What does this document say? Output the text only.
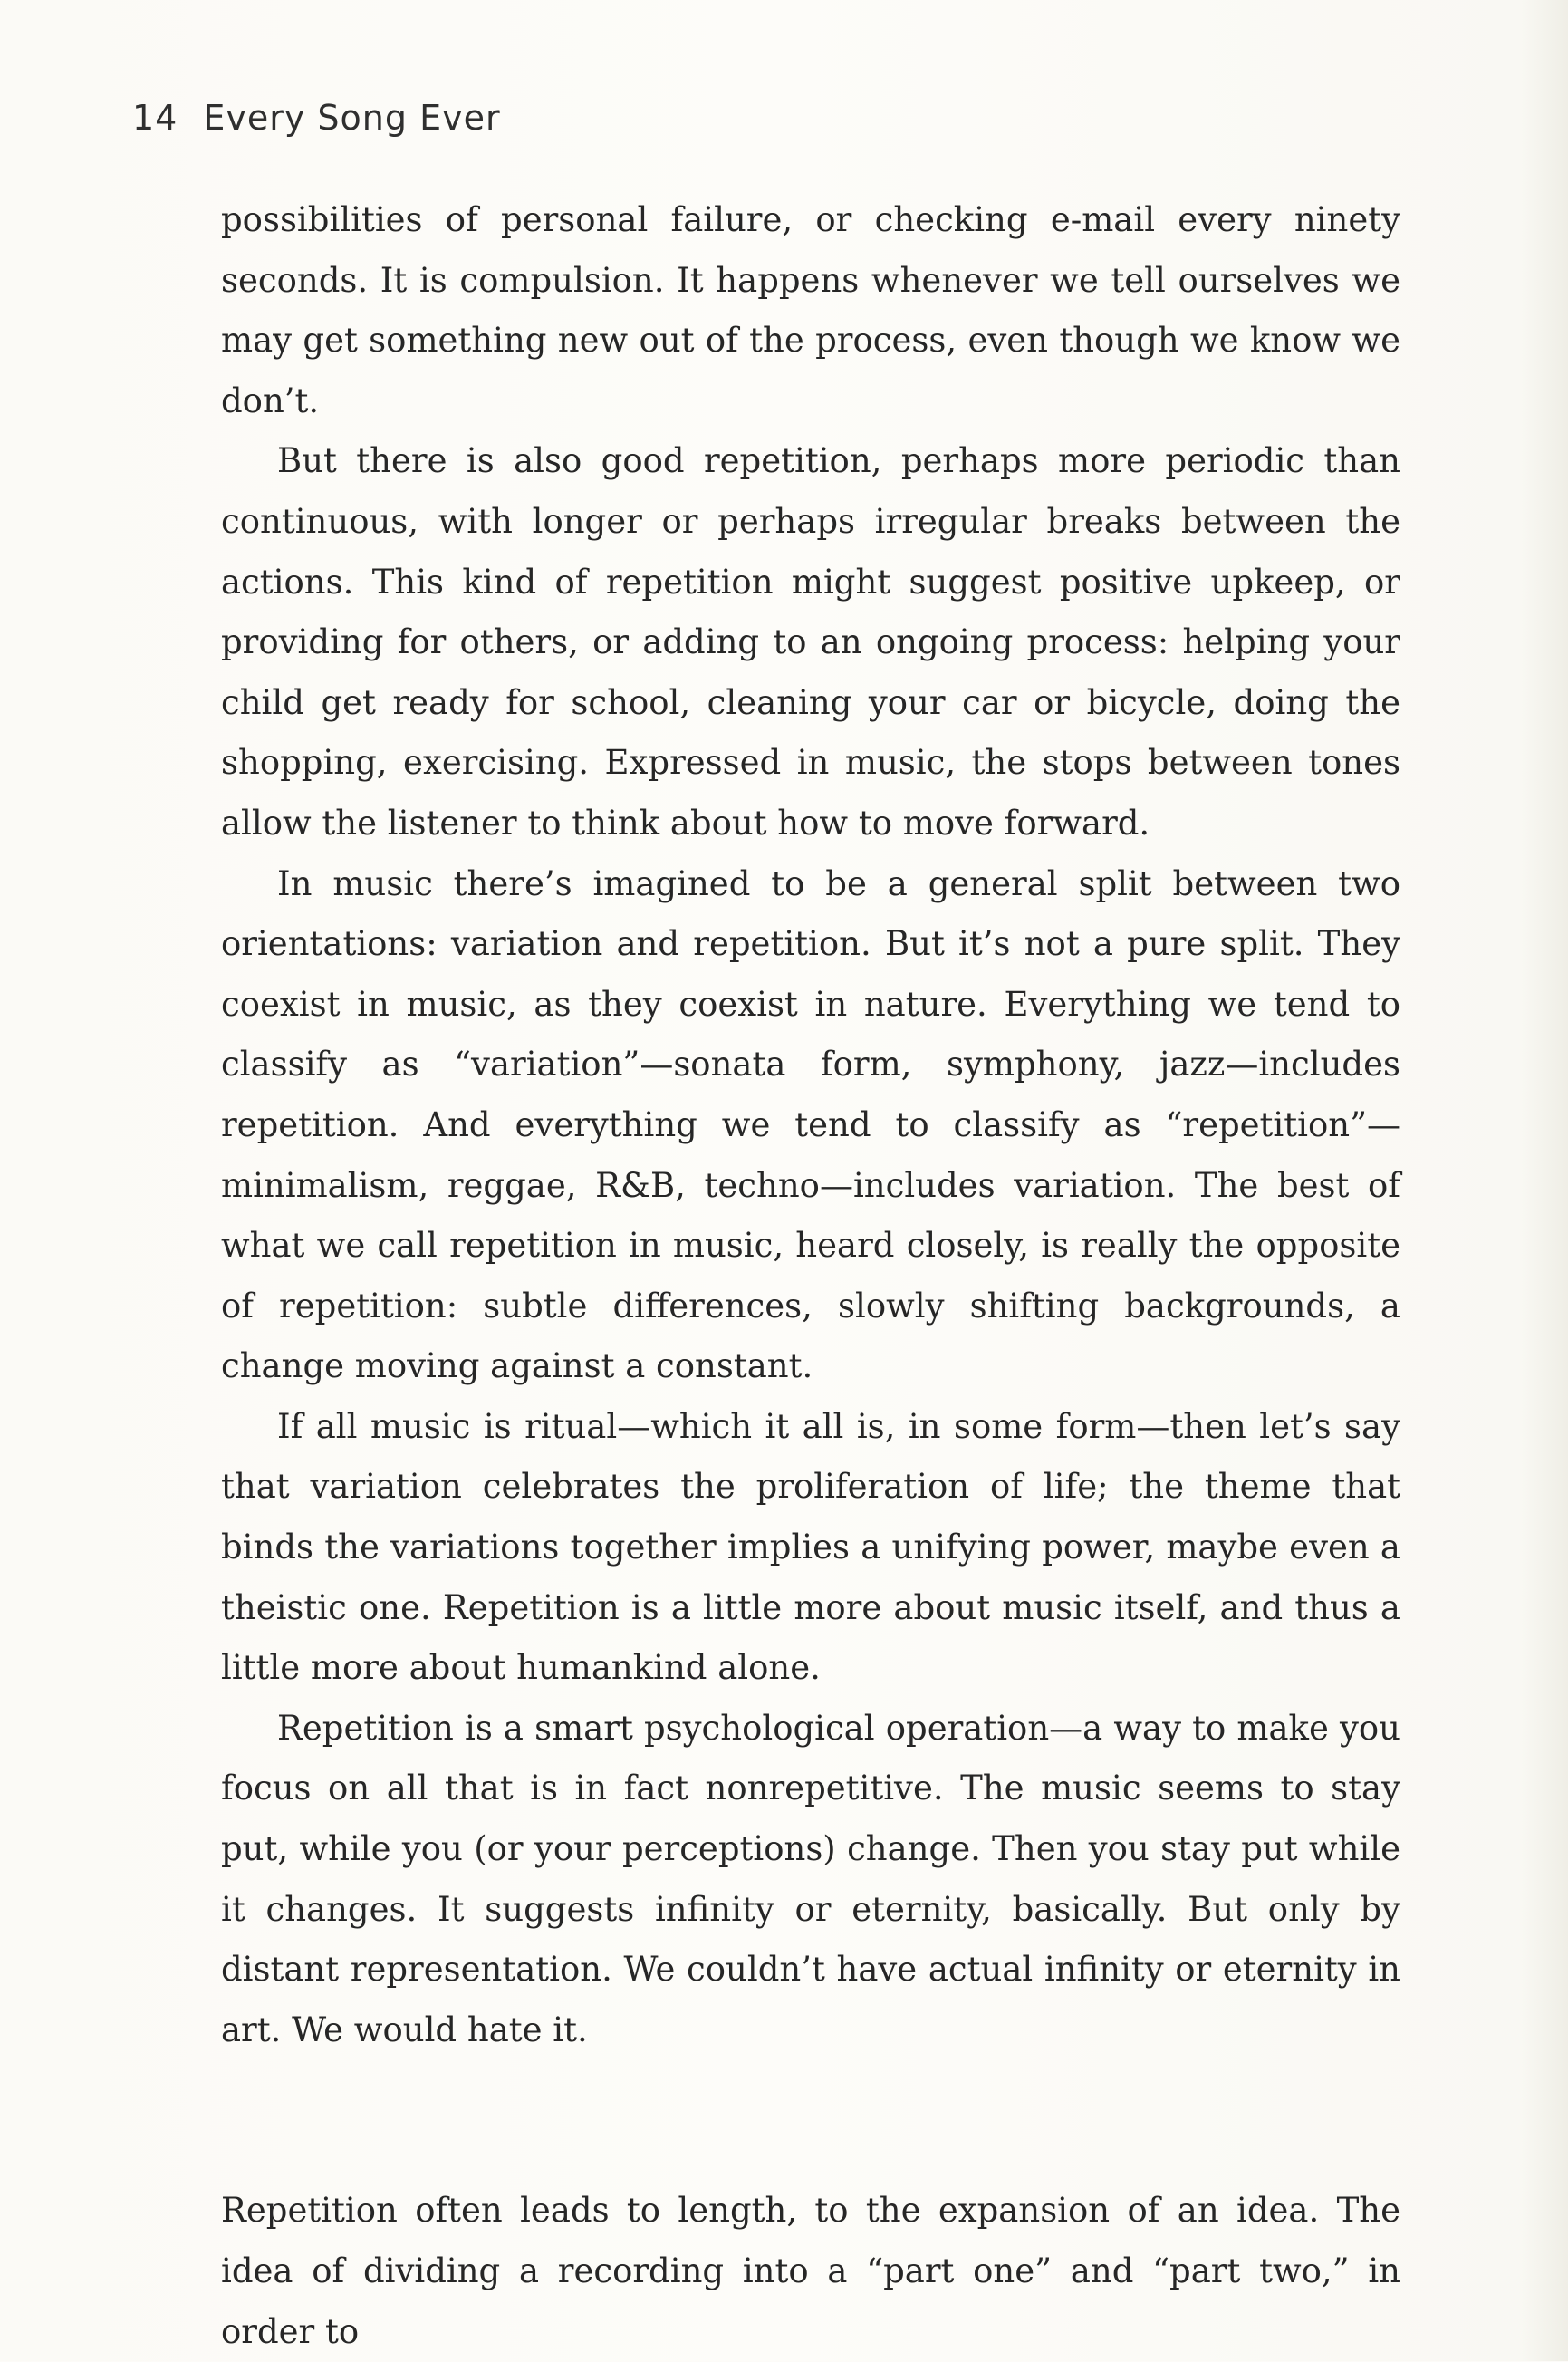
14 Every Song Ever

possibilities of personal failure, or checking e-mail every ninety seconds. It is compulsion. It happens whenever we tell ourselves we may get something new out of the process, even though we know we don’t.

But there is also good repetition, perhaps more periodic than continuous, with longer or perhaps irregular breaks between the actions. This kind of repetition might suggest positive upkeep, or providing for others, or adding to an ongoing process: helping your child get ready for school, cleaning your car or bicycle, doing the shopping, exercising. Expressed in music, the stops between tones allow the listener to think about how to move forward.

In music there’s imagined to be a general split between two orientations: variation and repetition. But it’s not a pure split. They coexist in music, as they coexist in nature. Everything we tend to classify as “variation”—sonata form, symphony, jazz—includes repetition. And everything we tend to classify as “repetition”—minimalism, reggae, R&B, techno—includes variation. The best of what we call repetition in music, heard closely, is really the opposite of repetition: subtle differences, slowly shifting backgrounds, a change moving against a constant.

If all music is ritual—which it all is, in some form—then let’s say that variation celebrates the proliferation of life; the theme that binds the variations together implies a unifying power, maybe even a theistic one. Repetition is a little more about music itself, and thus a little more about humankind alone.

Repetition is a smart psychological operation—a way to make you focus on all that is in fact nonrepetitive. The music seems to stay put, while you (or your perceptions) change. Then you stay put while it changes. It suggests infinity or eternity, basically. But only by distant representation. We couldn’t have actual infinity or eternity in art. We would hate it.

Repetition often leads to length, to the expansion of an idea. The idea of dividing a recording into a “part one” and “part two,” in order to
